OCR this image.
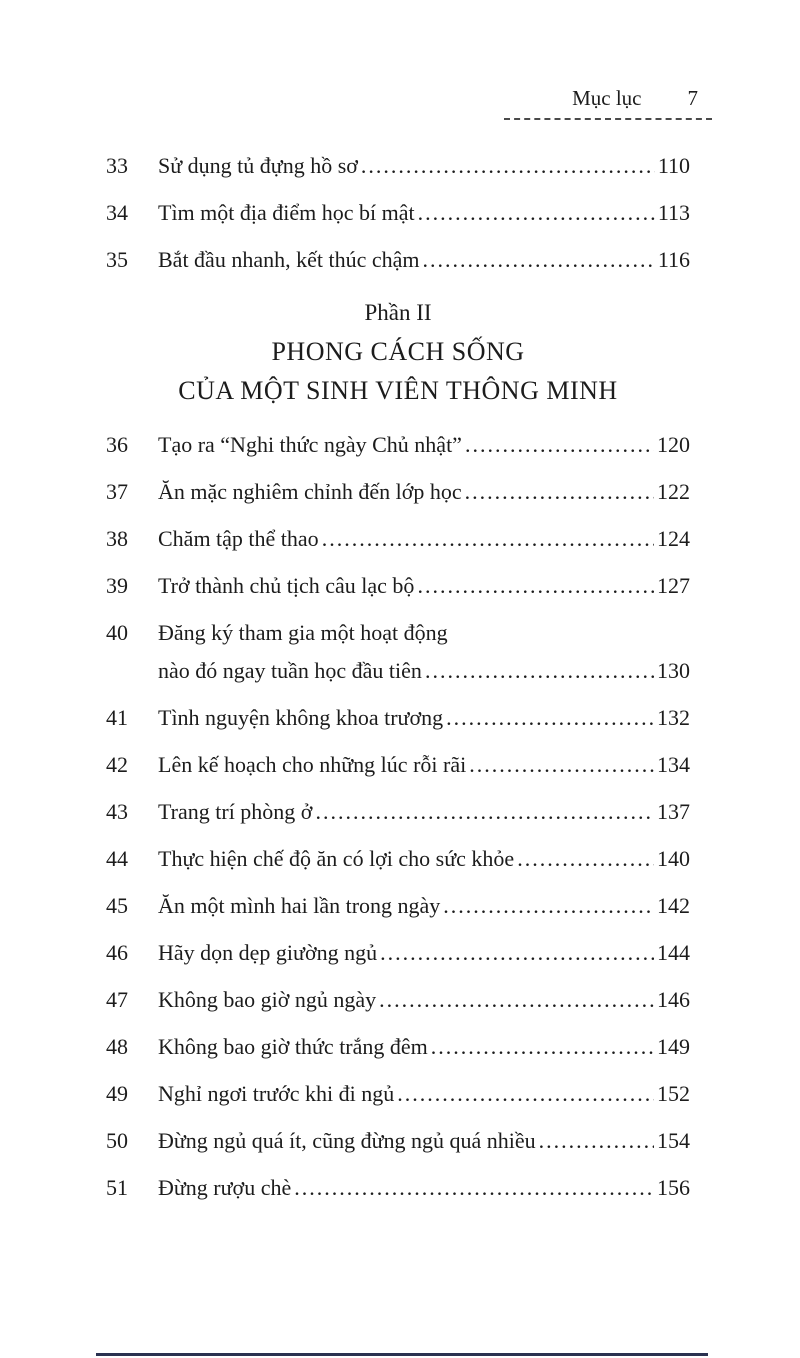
Mục lục 7
33	Sử dụng tủ đựng hồ sơ .....	110
34	Tìm một địa điểm học bí mật .....	113
35	Bắt đầu nhanh, kết thúc chậm .....	116
Phần II
PHONG CÁCH SỐNG
CỦA MỘT SINH VIÊN THÔNG MINH
36	Tạo ra “Nghi thức ngày Chủ nhật” .....	120
37	Ăn mặc nghiêm chỉnh đến lớp học .....	122
38	Chăm tập thể thao .....	124
39	Trở thành chủ tịch câu lạc bộ .....	127
40	Đăng ký tham gia một hoạt động
nào đó ngay tuần học đầu tiên .....	130
41	Tình nguyện không khoa trương .....	132
42	Lên kế hoạch cho những lúc rỗi rãi .....	134
43	Trang trí phòng ở .....	137
44	Thực hiện chế độ ăn có lợi cho sức khỏe .....	140
45	Ăn một mình hai lần trong ngày .....	142
46	Hãy dọn dẹp giường ngủ .....	144
47	Không bao giờ ngủ ngày .....	146
48	Không bao giờ thức trắng đêm .....	149
49	Nghỉ ngơi trước khi đi ngủ .....	152
50	Đừng ngủ quá ít, cũng đừng ngủ quá nhiều .....	154
51	Đừng rượu chè .....	156
